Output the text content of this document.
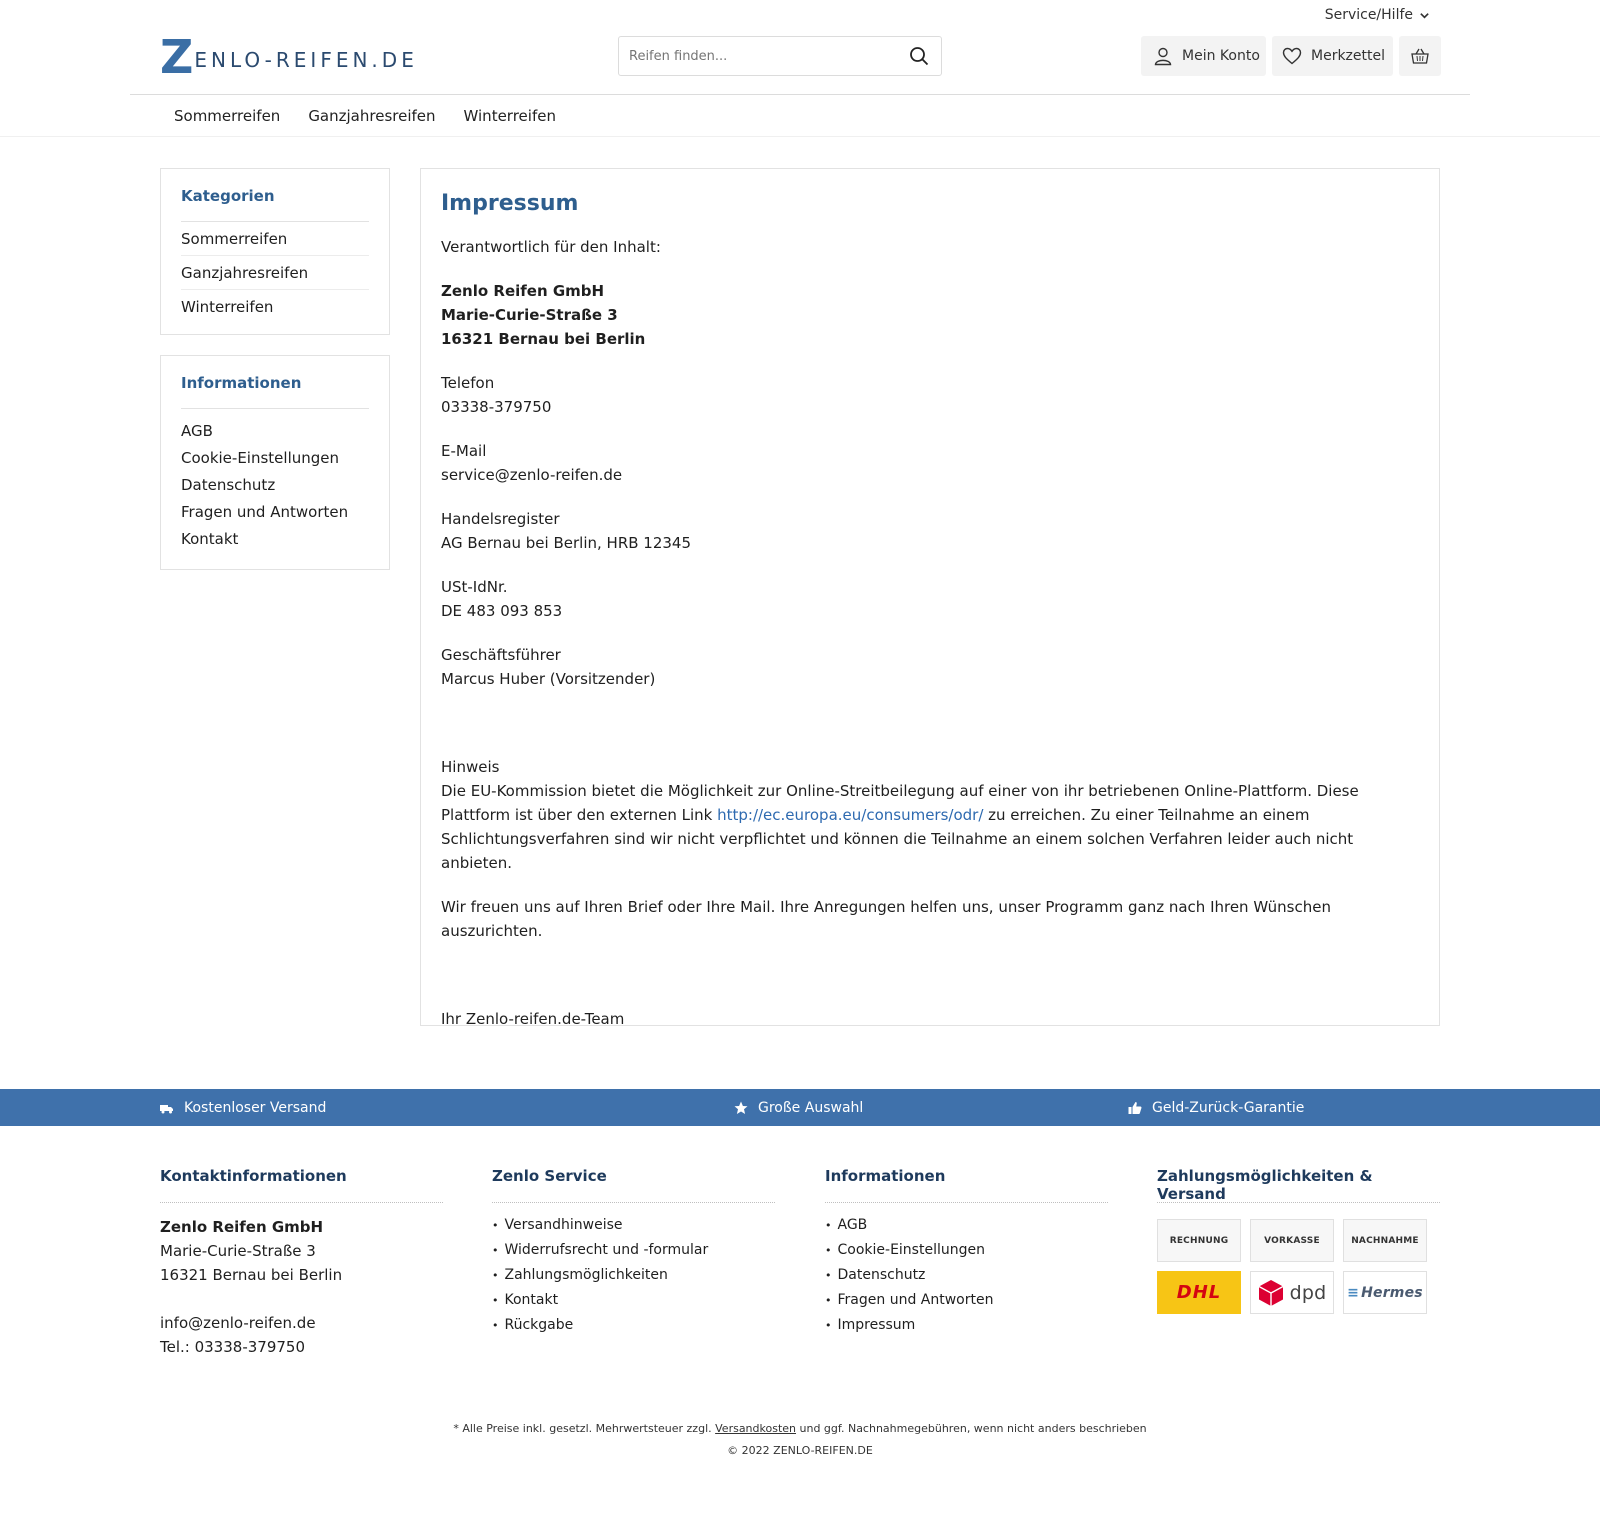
Service/Hilfe
Z ENLO-REIFEN.DE
Reifen finden...	Mein Konto	Merkzettel
Sommerreifen	Ganzjahresreifen	Winterreifen
Kategorien
Sommerreifen
Ganzjahresreifen
Winterreifen
Informationen
AGB
Cookie-Einstellungen
Datenschutz
Fragen und Antworten
Kontakt
Impressum

Verantwortlich für den Inhalt:

Zenlo Reifen GmbH
Marie-Curie-Straße 3
16321 Bernau bei Berlin

Telefon
03338-379750

E-Mail
service@zenlo-reifen.de

Handelsregister
AG Bernau bei Berlin, HRB 12345

USt-IdNr.
DE 483 093 853

Geschäftsführer
Marcus Huber (Vorsitzender)

Hinweis
Die EU-Kommission bietet die Möglichkeit zur Online-Streitbeilegung auf einer von ihr betriebenen Online-Plattform. Diese Plattform ist über den externen Link http://ec.europa.eu/consumers/odr/ zu erreichen. Zu einer Teilnahme an einem Schlichtungsverfahren sind wir nicht verpflichtet und können die Teilnahme an einem solchen Verfahren leider auch nicht anbieten.

Wir freuen uns auf Ihren Brief oder Ihre Mail. Ihre Anregungen helfen uns, unser Programm ganz nach Ihren Wünschen auszurichten.

Ihr Zenlo-reifen.de-Team

Kostenloser Versand	Große Auswahl	Geld-Zurück-Garantie
Kontaktinformationen
Zenlo Reifen GmbH
Marie-Curie-Straße 3
16321 Bernau bei Berlin

info@zenlo-reifen.de
Tel.: 03338-379750
Zenlo Service
• Versandhinweise
• Widerrufsrecht und -formular
• Zahlungsmöglichkeiten
• Kontakt
• Rückgabe
Informationen
• AGB
• Cookie-Einstellungen
• Datenschutz
• Fragen und Antworten
• Impressum
Zahlungsmöglichkeiten & Versand
RECHNUNG	VORKASSE	NACHNAHME
DHL	dpd ≡ Hermes
* Alle Preise inkl. gesetzl. Mehrwertsteuer zzgl. Versandkosten und ggf. Nachnahmegebühren, wenn nicht anders beschrieben
© 2022 ZENLO-REIFEN.DE
